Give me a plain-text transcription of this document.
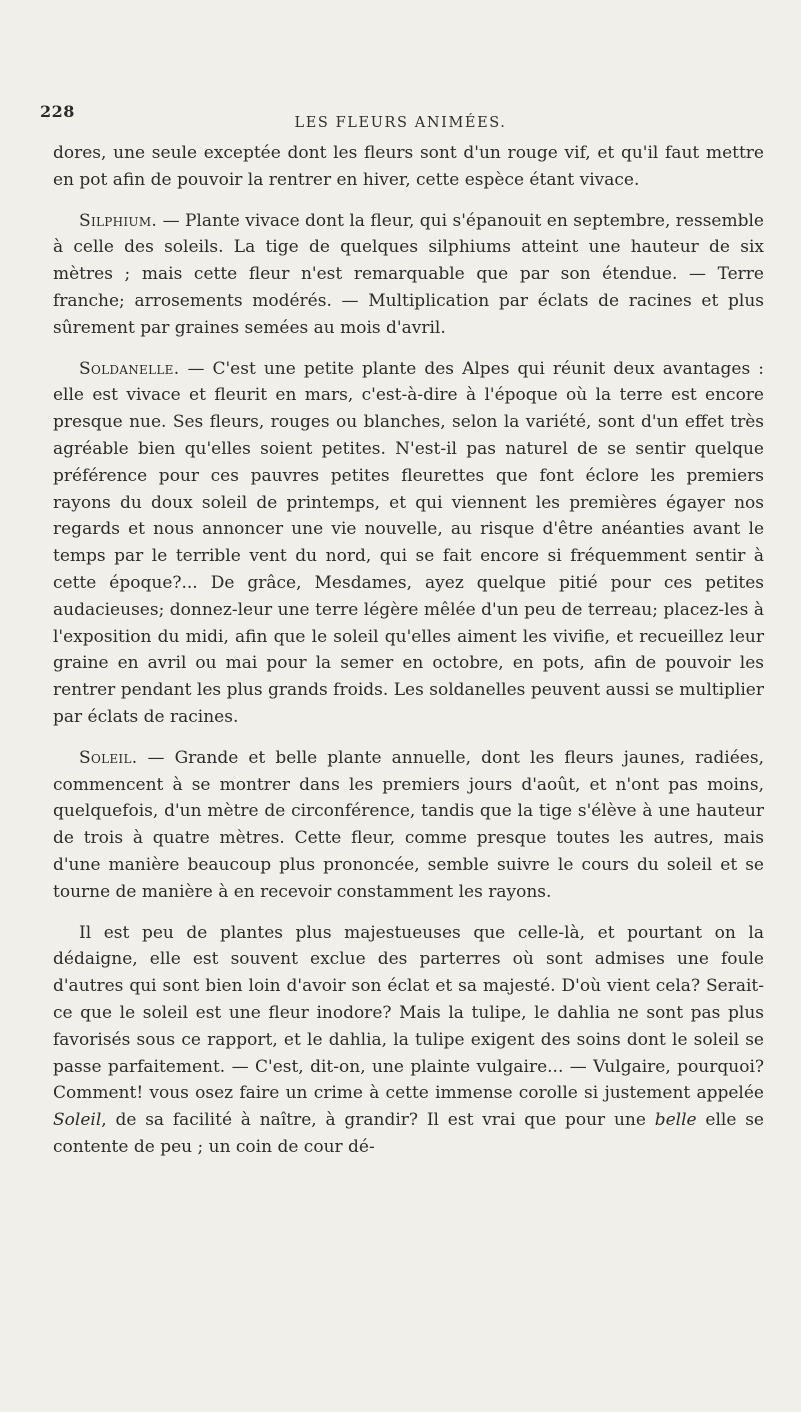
228
LES FLEURS ANIMÉES.

dores, une seule exceptée dont les fleurs sont d'un rouge vif, et qu'il faut mettre en pot afin de pouvoir la rentrer en hiver, cette espèce étant vivace.

Silphium. — Plante vivace dont la fleur, qui s'épanouit en septembre, ressemble à celle des soleils. La tige de quelques silphiums atteint une hauteur de six mètres ; mais cette fleur n'est remarquable que par son étendue. — Terre franche; arrosements modérés. — Multiplication par éclats de racines et plus sûrement par graines semées au mois d'avril.

Soldanelle. — C'est une petite plante des Alpes qui réunit deux avantages : elle est vivace et fleurit en mars, c'est-à-dire à l'époque où la terre est encore presque nue. Ses fleurs, rouges ou blanches, selon la variété, sont d'un effet très agréable bien qu'elles soient petites. N'est-il pas naturel de se sentir quelque préférence pour ces pauvres petites fleurettes que font éclore les premiers rayons du doux soleil de printemps, et qui viennent les premières égayer nos regards et nous annoncer une vie nouvelle, au risque d'être anéanties avant le temps par le terrible vent du nord, qui se fait encore si fréquemment sentir à cette époque?... De grâce, Mesdames, ayez quelque pitié pour ces petites audacieuses; donnez-leur une terre légère mêlée d'un peu de terreau; placez-les à l'exposition du midi, afin que le soleil qu'elles aiment les vivifie, et recueillez leur graine en avril ou mai pour la semer en octobre, en pots, afin de pouvoir les rentrer pendant les plus grands froids. Les soldanelles peuvent aussi se multiplier par éclats de racines.

Soleil. — Grande et belle plante annuelle, dont les fleurs jaunes, radiées, commencent à se montrer dans les premiers jours d'août, et n'ont pas moins, quelquefois, d'un mètre de circonférence, tandis que la tige s'élève à une hauteur de trois à quatre mètres. Cette fleur, comme presque toutes les autres, mais d'une manière beaucoup plus prononcée, semble suivre le cours du soleil et se tourne de manière à en recevoir constamment les rayons.

Il est peu de plantes plus majestueuses que celle-là, et pourtant on la dédaigne, elle est souvent exclue des parterres où sont admises une foule d'autres qui sont bien loin d'avoir son éclat et sa majesté. D'où vient cela? Serait-ce que le soleil est une fleur inodore? Mais la tulipe, le dahlia ne sont pas plus favorisés sous ce rapport, et le dahlia, la tulipe exigent des soins dont le soleil se passe parfaitement. — C'est, dit-on, une plainte vulgaire... — Vulgaire, pourquoi? Comment! vous osez faire un crime à cette immense corolle si justement appelée Soleil, de sa facilité à naître, à grandir? Il est vrai que pour une belle elle se contente de peu ; un coin de cour dé-
